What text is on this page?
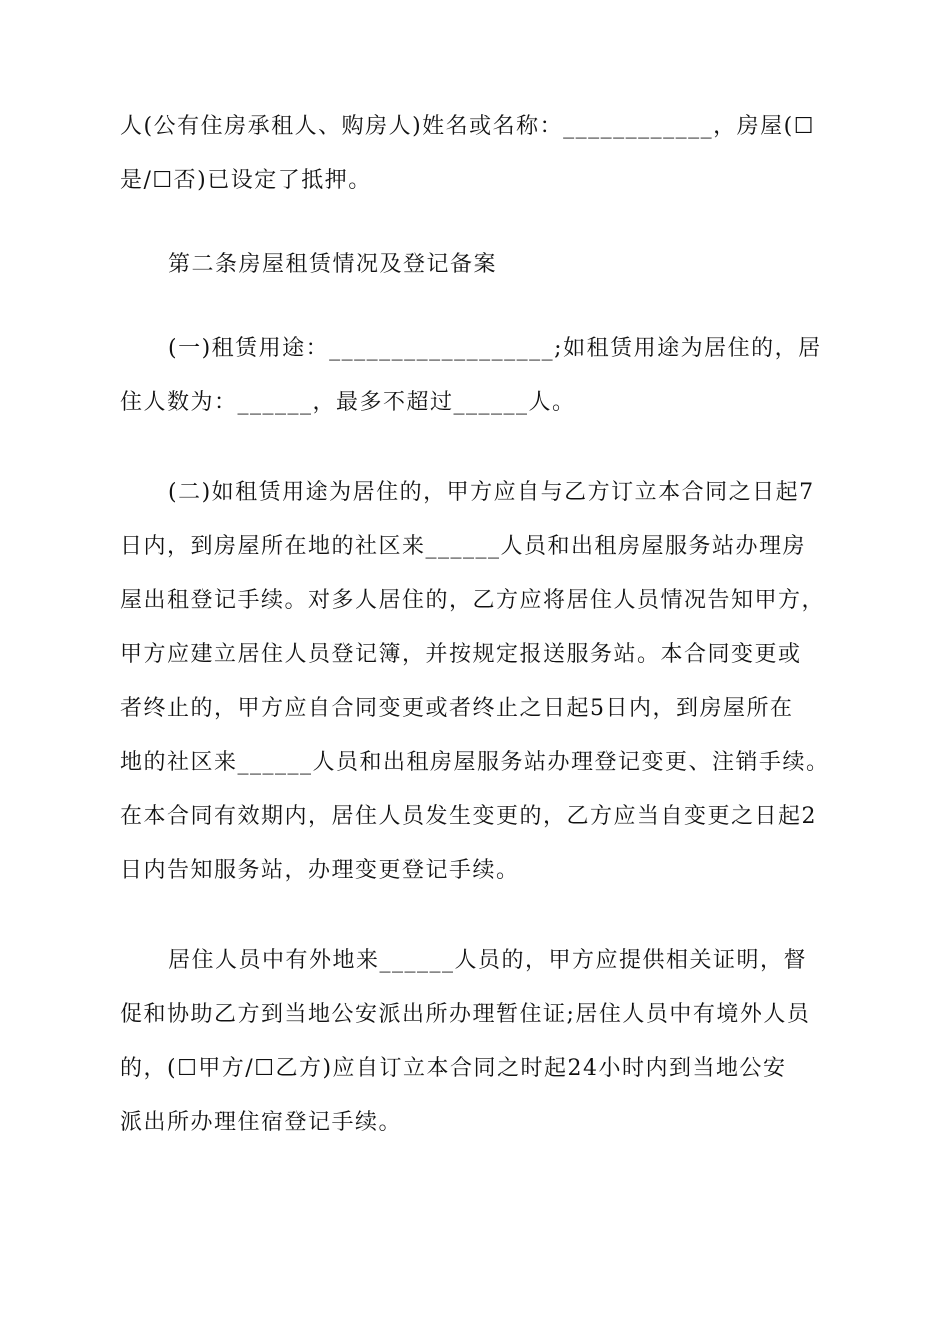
人(公有住房承租人、购房人)姓名或名称：____________，房屋(☐
是/☐否)已设定了抵押。
第二条房屋租赁情况及登记备案
(一)租赁用途：__________________;如租赁用途为居住的，居
住人数为：______，最多不超过______人。
(二)如租赁用途为居住的，甲方应自与乙方订立本合同之日起7
日内，到房屋所在地的社区来______人员和出租房屋服务站办理房
屋出租登记手续。对多人居住的，乙方应将居住人员情况告知甲方，
甲方应建立居住人员登记簿，并按规定报送服务站。本合同变更或
者终止的，甲方应自合同变更或者终止之日起5日内，到房屋所在
地的社区来______人员和出租房屋服务站办理登记变更、注销手续。
在本合同有效期内，居住人员发生变更的，乙方应当自变更之日起2
日内告知服务站，办理变更登记手续。
居住人员中有外地来______人员的，甲方应提供相关证明，督
促和协助乙方到当地公安派出所办理暂住证;居住人员中有境外人员
的，(☐甲方/☐乙方)应自订立本合同之时起24小时内到当地公安
派出所办理住宿登记手续。
